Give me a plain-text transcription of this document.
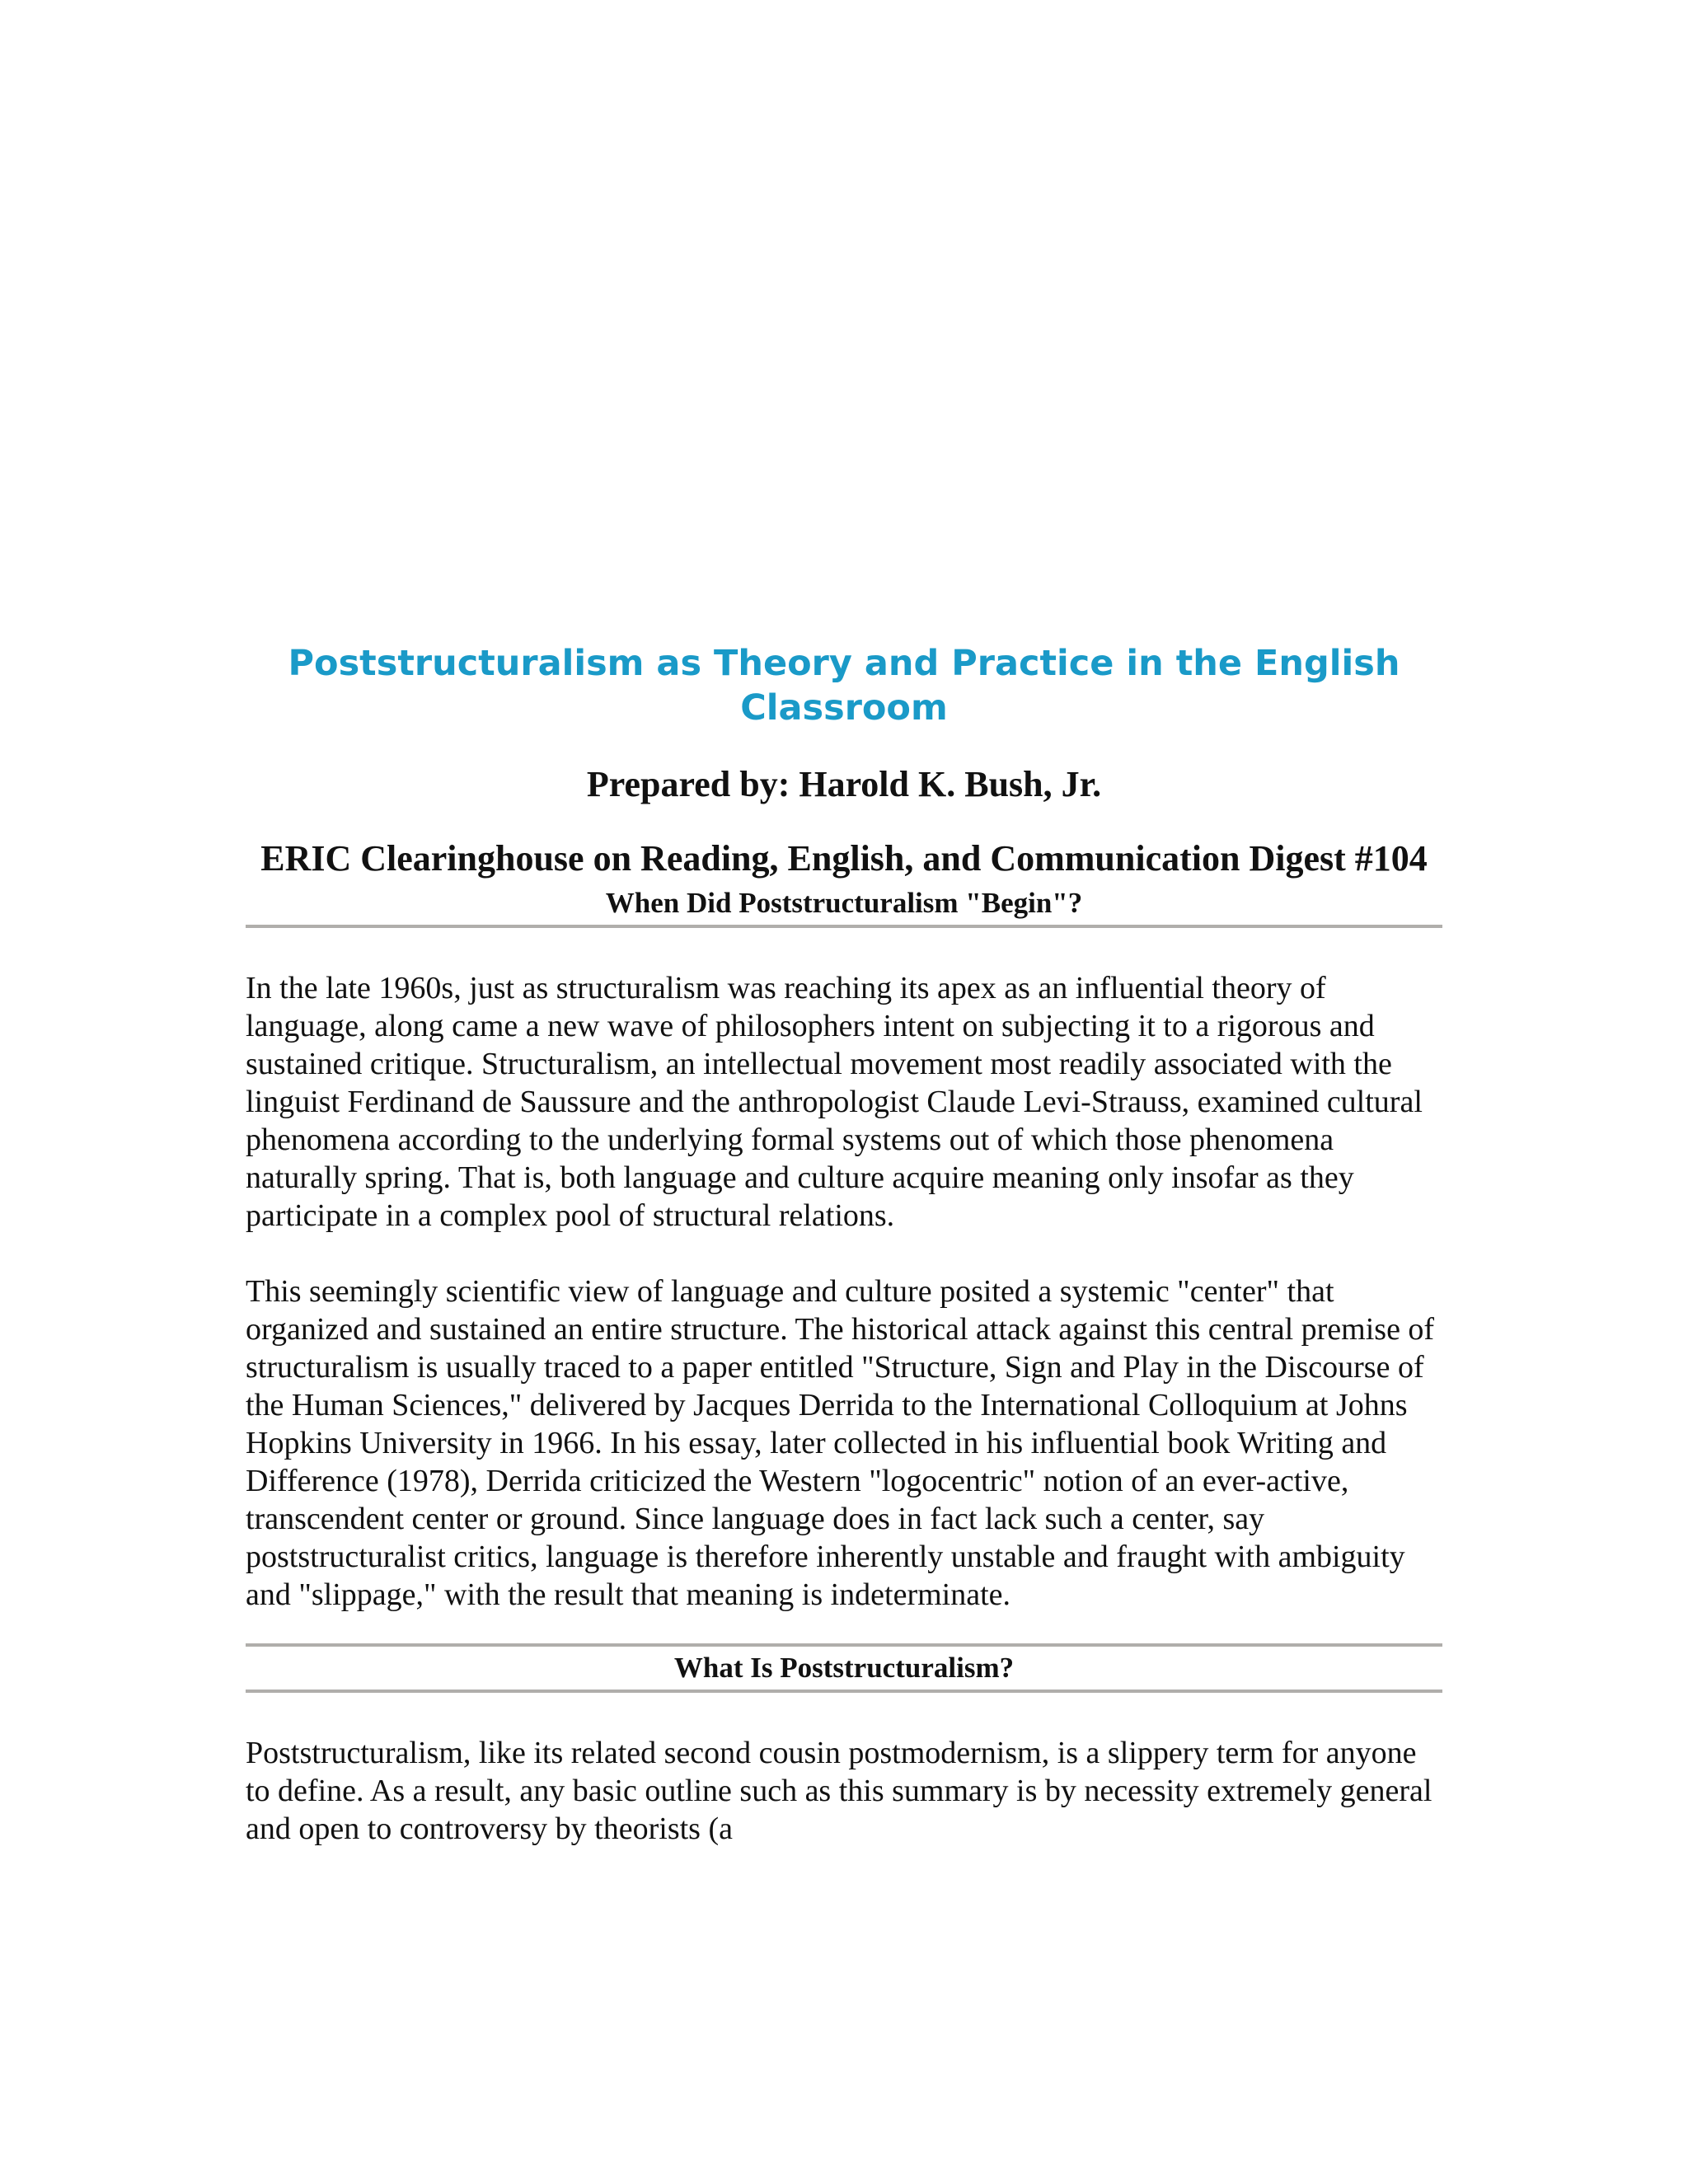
Poststructuralism as Theory and Practice in the English Classroom
Prepared by: Harold K. Bush, Jr.
ERIC Clearinghouse on Reading, English, and Communication Digest #104
When Did Poststructuralism "Begin"?

In the late 1960s, just as structuralism was reaching its apex as an influential theory of language, along came a new wave of philosophers intent on subjecting it to a rigorous and sustained critique. Structuralism, an intellectual movement most readily associated with the linguist Ferdinand de Saussure and the anthropologist Claude Levi-Strauss, examined cultural phenomena according to the underlying formal systems out of which those phenomena naturally spring. That is, both language and culture acquire meaning only insofar as they participate in a complex pool of structural relations.

This seemingly scientific view of language and culture posited a systemic "center" that organized and sustained an entire structure. The historical attack against this central premise of structuralism is usually traced to a paper entitled "Structure, Sign and Play in the Discourse of the Human Sciences," delivered by Jacques Derrida to the International Colloquium at Johns Hopkins University in 1966. In his essay, later collected in his influential book Writing and Difference (1978), Derrida criticized the Western "logocentric" notion of an ever-active, transcendent center or ground. Since language does in fact lack such a center, say poststructuralist critics, language is therefore inherently unstable and fraught with ambiguity and "slippage," with the result that meaning is indeterminate.

What Is Poststructuralism?

Poststructuralism, like its related second cousin postmodernism, is a slippery term for anyone to define. As a result, any basic outline such as this summary is by necessity extremely general and open to controversy by theorists (a
